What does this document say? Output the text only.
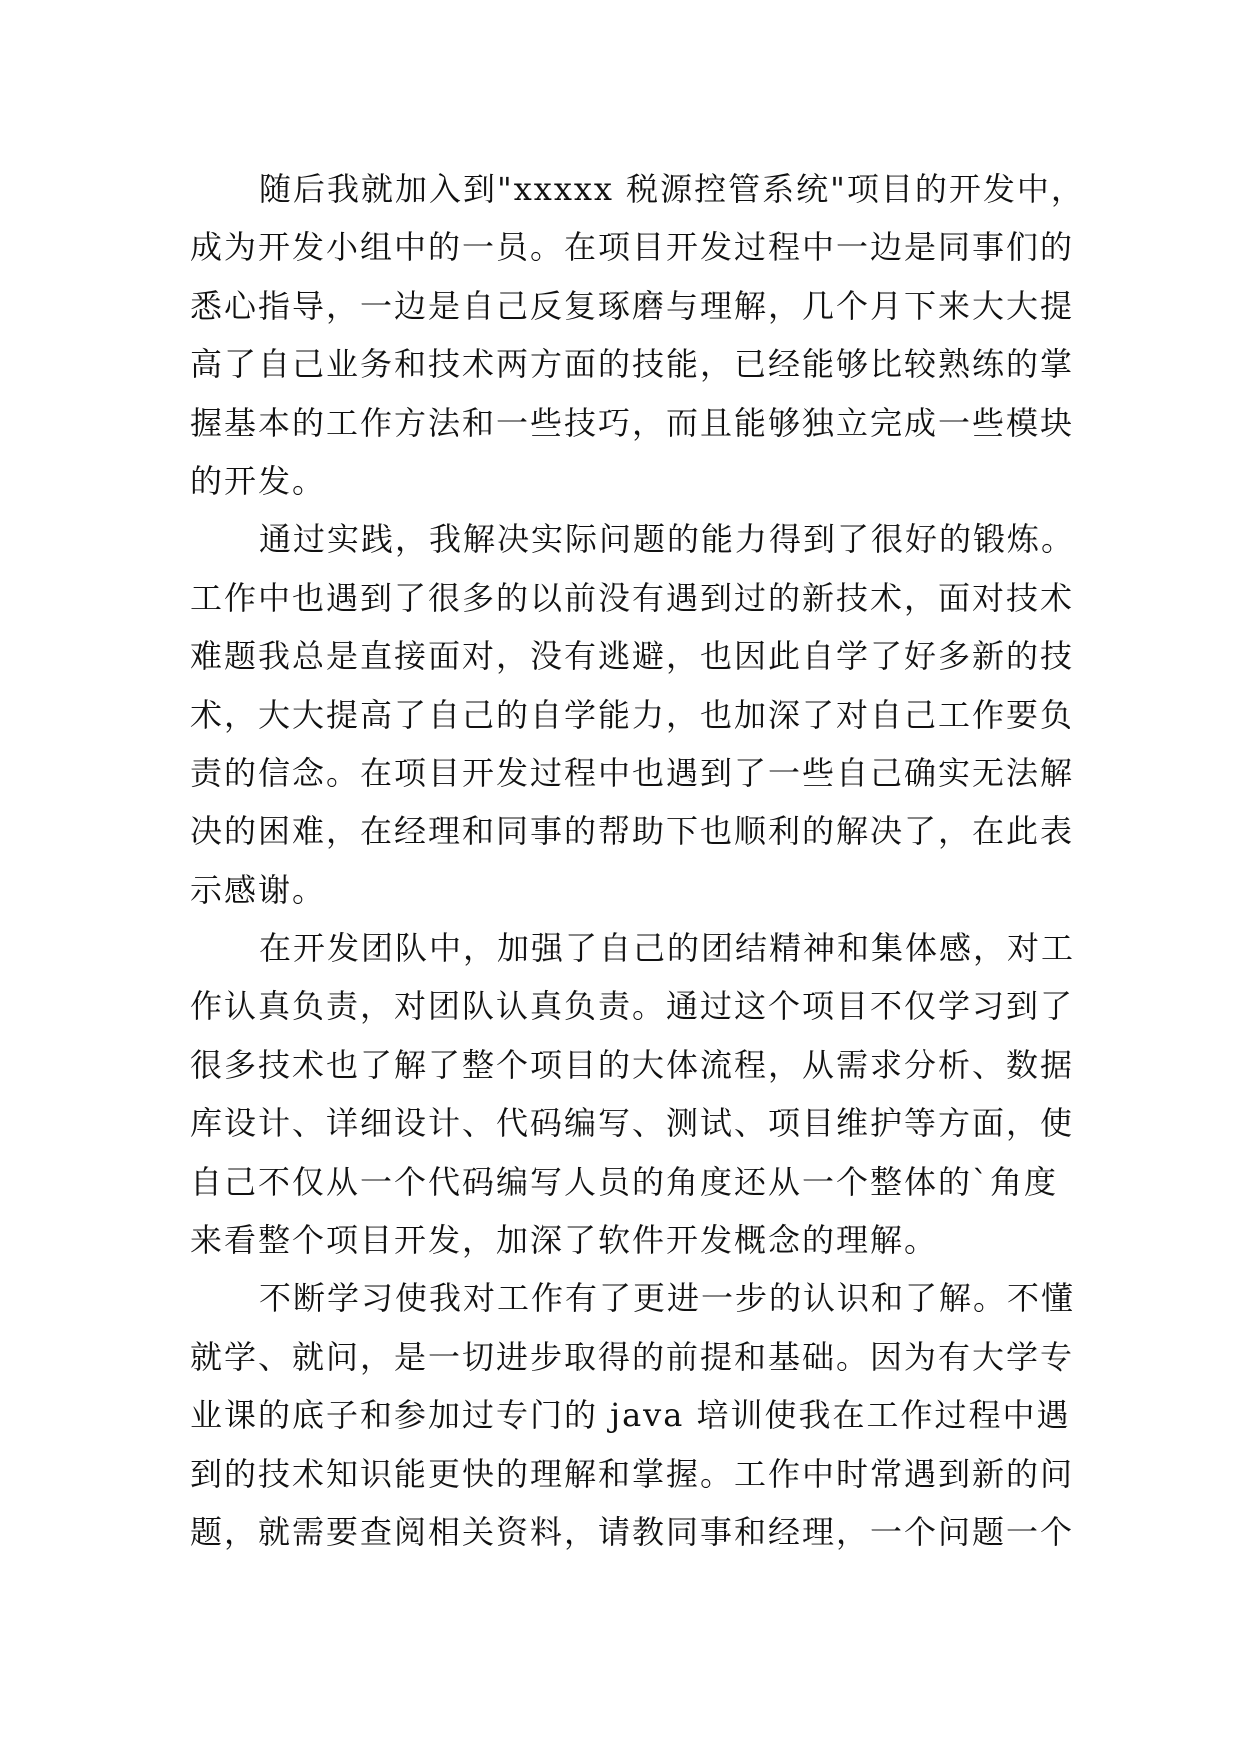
随后我就加入到"xxxxx 税源控管系统"项目的开发中，
成为开发小组中的一员。在项目开发过程中一边是同事们的
悉心指导，一边是自己反复琢磨与理解，几个月下来大大提
高了自己业务和技术两方面的技能，已经能够比较熟练的掌
握基本的工作方法和一些技巧，而且能够独立完成一些模块
的开发。
通过实践，我解决实际问题的能力得到了很好的锻炼。
工作中也遇到了很多的以前没有遇到过的新技术，面对技术
难题我总是直接面对，没有逃避，也因此自学了好多新的技
术，大大提高了自己的自学能力，也加深了对自己工作要负
责的信念。在项目开发过程中也遇到了一些自己确实无法解
决的困难，在经理和同事的帮助下也顺利的解决了，在此表
示感谢。
在开发团队中，加强了自己的团结精神和集体感，对工
作认真负责，对团队认真负责。通过这个项目不仅学习到了
很多技术也了解了整个项目的大体流程，从需求分析、数据
库设计、详细设计、代码编写、测试、项目维护等方面，使
自己不仅从一个代码编写人员的角度还从一个整体的`角度
来看整个项目开发，加深了软件开发概念的理解。
不断学习使我对工作有了更进一步的认识和了解。不懂
就学、就问，是一切进步取得的前提和基础。因为有大学专
业课的底子和参加过专门的 java 培训使我在工作过程中遇
到的技术知识能更快的理解和掌握。工作中时常遇到新的问
题，就需要查阅相关资料，请教同事和经理，一个问题一个
